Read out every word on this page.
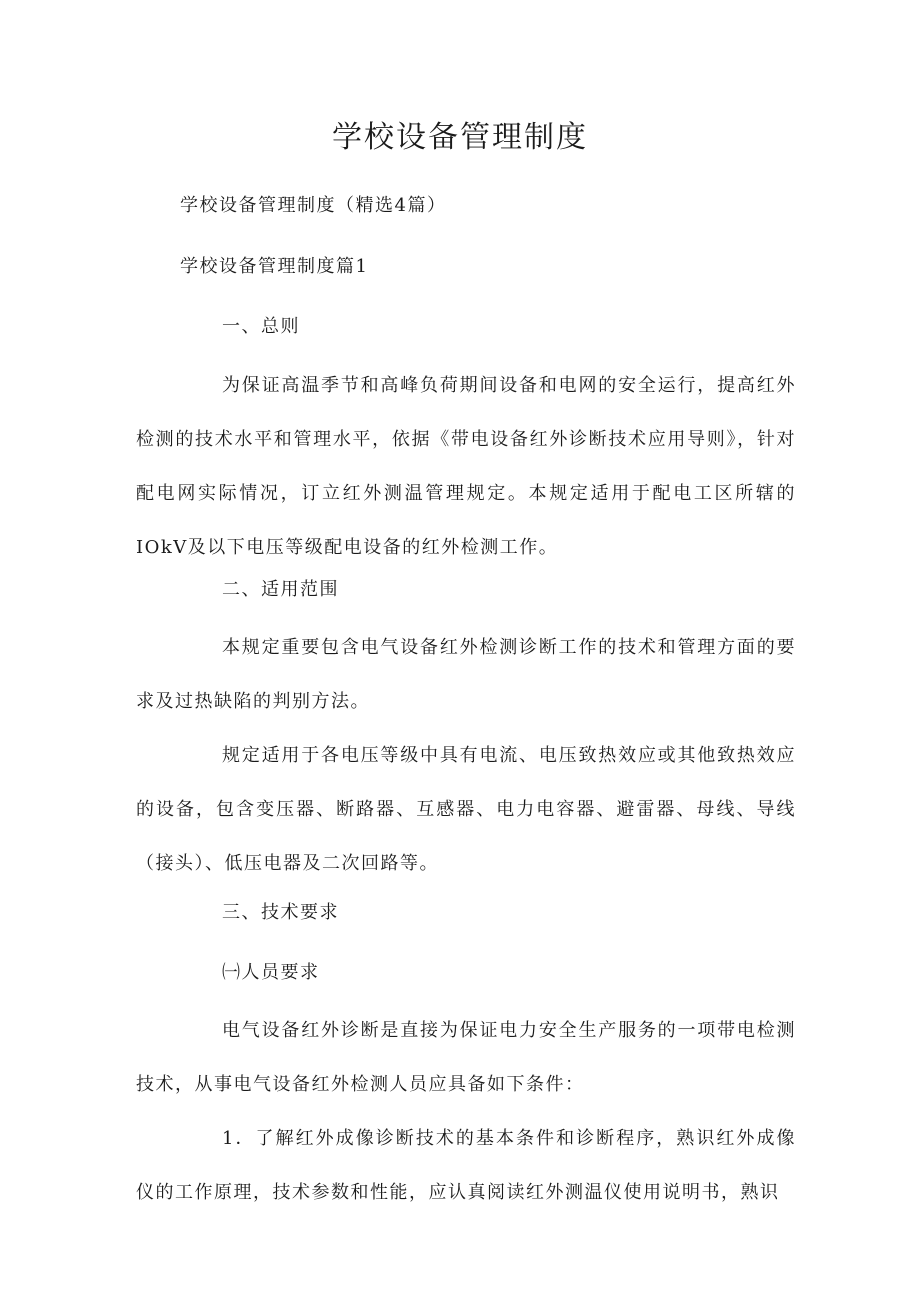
学校设备管理制度

学校设备管理制度（精选4篇）

学校设备管理制度篇1

一、总则

为保证高温季节和高峰负荷期间设备和电网的安全运行，提高红外检测的技术水平和管理水平，依据《带电设备红外诊断技术应用导则》，针对配电网实际情况，订立红外测温管理规定。本规定适用于配电工区所辖的IOkV及以下电压等级配电设备的红外检测工作。

二、适用范围

本规定重要包含电气设备红外检测诊断工作的技术和管理方面的要求及过热缺陷的判别方法。

规定适用于各电压等级中具有电流、电压致热效应或其他致热效应的设备，包含变压器、断路器、互感器、电力电容器、避雷器、母线、导线（接头）、低压电器及二次回路等。

三、技术要求

㈠人员要求

电气设备红外诊断是直接为保证电力安全生产服务的一项带电检测技术，从事电气设备红外检测人员应具备如下条件：

1．了解红外成像诊断技术的基本条件和诊断程序，熟识红外成像仪的工作原理，技术参数和性能，应认真阅读红外测温仪使用说明书，熟识
